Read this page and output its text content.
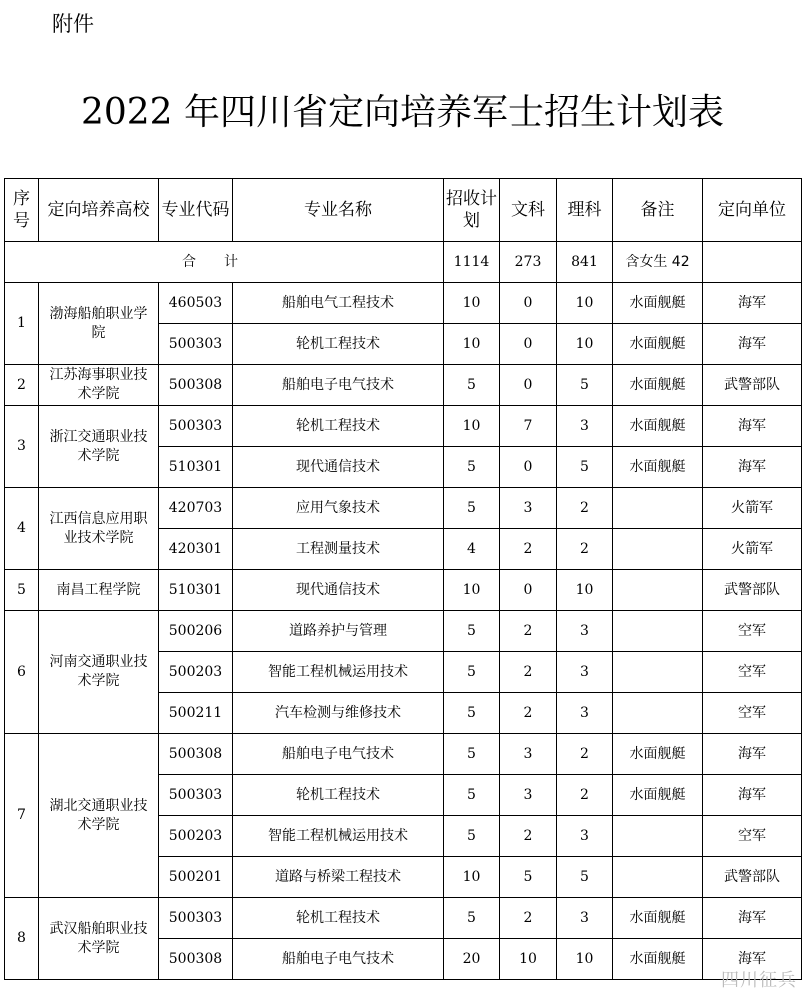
附件
2022 年四川省定向培养军士招生计划表
序号	定向培养高校	专业代码	专业名称	招收计划	文科	理科	备注	定向单位
合计				1114	273	841	含女生 42	
1	渤海船舶职业学院	460503	船舶电气工程技术	10	0	10	水面舰艇	海军
		500303	轮机工程技术	10	0	10	水面舰艇	海军
2	江苏海事职业技术学院	500308	船舶电子电气技术	5	0	5	水面舰艇	武警部队
3	浙江交通职业技术学院	500303	轮机工程技术	10	7	3	水面舰艇	海军
		510301	现代通信技术	5	0	5	水面舰艇	海军
4	江西信息应用职业技术学院	420703	应用气象技术	5	3	2		火箭军
		420301	工程测量技术	4	2	2		火箭军
5	南昌工程学院	510301	现代通信技术	10	0	10		武警部队
6	河南交通职业技术学院	500206	道路养护与管理	5	2	3		空军
		500203	智能工程机械运用技术	5	2	3		空军
		500211	汽车检测与维修技术	5	2	3		空军
7	湖北交通职业技术学院	500308	船舶电子电气技术	5	3	2	水面舰艇	海军
		500303	轮机工程技术	5	3	2	水面舰艇	海军
		500203	智能工程机械运用技术	5	2	3		空军
		500201	道路与桥梁工程技术	10	5	5		武警部队
8	武汉船舶职业技术学院	500303	轮机工程技术	5	2	3	水面舰艇	海军
		500308	船舶电子电气技术	20	10	10	水面舰艇	海军
四川征兵
